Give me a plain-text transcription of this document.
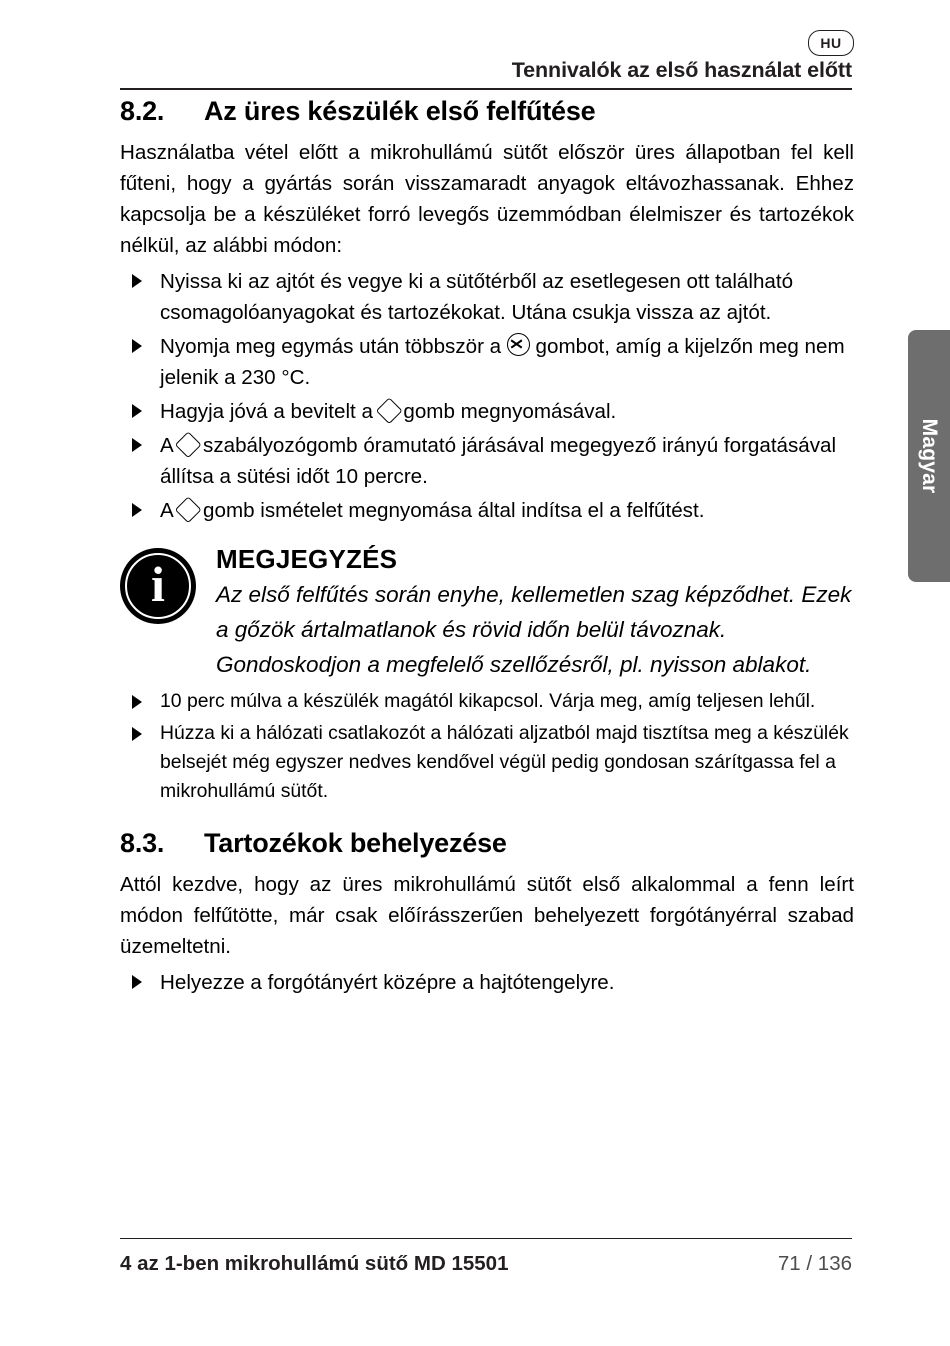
HU
Tennivalók az első használat előtt
Magyar
8.2.	Az üres készülék első felfűtése

Használatba vétel előtt a mikrohullámú sütőt először üres állapotban fel kell fűteni, hogy a gyártás során visszamaradt anyagok eltávozhassanak. Ehhez kapcsolja be a készüléket forró levegős üzemmódban élelmiszer és tartozékok nélkül, az alábbi módon:

Nyissa ki az ajtót és vegye ki a sütőtérből az esetlegesen ott található csomagolóanyagokat és tartozékokat. Utána csukja vissza az ajtót.
Nyomja meg egymás után többször a  gombot, amíg a kijelzőn meg nem jelenik a 230 °C.
Hagyja jóvá a bevitelt a  gomb megnyomásával.
A  szabályozógomb óramutató járásával megegyező irányú forgatásával állítsa a sütési időt 10 percre.
A  gomb ismételet megnyomása által indítsa el a felfűtést.
i
MEGJEGYZÉS

Az első felfűtés során enyhe, kellemetlen szag képződhet. Ezek a gőzök ártalmatlanok és rövid időn belül távoznak. Gondoskodjon a megfelelő szellőzésről, pl. nyisson ablakot.

10 perc múlva a készülék magától kikapcsol. Várja meg, amíg teljesen lehűl.
Húzza ki a hálózati csatlakozót a hálózati aljzatból majd tisztítsa meg a készülék belsejét még egyszer nedves kendővel végül pedig gondosan szárítgassa fel a mikrohullámú sütőt.
8.3.	Tartozékok behelyezése

Attól kezdve, hogy az üres mikrohullámú sütőt első alkalommal a fenn leírt módon felfűtötte, már csak előírásszerűen behelyezett forgótányérral szabad üzemeltetni.

Helyezze a forgótányért középre a hajtótengelyre.
4 az 1-ben mikrohullámú sütő MD 15501	71 / 136
